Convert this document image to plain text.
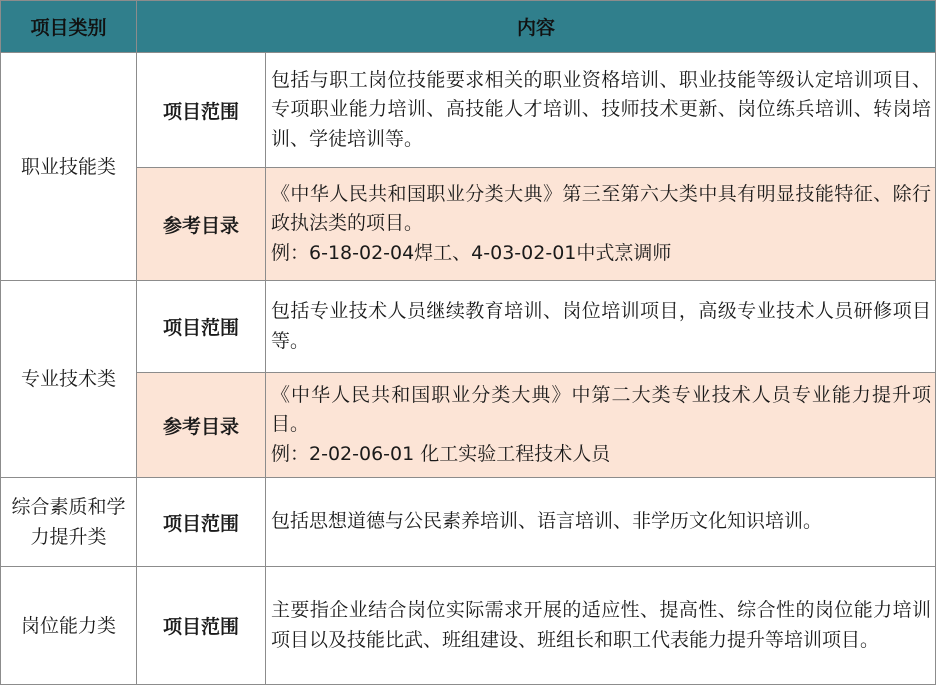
项目类别	内容	
职业技能类	项目范围	包括与职工岗位技能要求相关的职业资格培训、职业技能等级认定培训项目、专项职业能力培训、高技能人才培训、技师技术更新、岗位练兵培训、转岗培训、学徒培训等。
	参考目录	《中华人民共和国职业分类大典》第三至第六大类中具有明显技能特征、除行政执法类的项目。
例：6-18-02-04焊工、4-03-02-01中式烹调师

专业技术类	项目范围	包括专业技术人员继续教育培训、岗位培训项目，高级专业技术人员研修项目等。
	参考目录	《中华人民共和国职业分类大典》中第二大类专业技术人员专业能力提升项目。
例：2-02-06-01 化工实验工程技术人员

综合素质和学力提升类	项目范围	包括思想道德与公民素养培训、语言培训、非学历文化知识培训。
岗位能力类	项目范围	主要指企业结合岗位实际需求开展的适应性、提高性、综合性的岗位能力培训项目以及技能比武、班组建设、班组长和职工代表能力提升等培训项目。
